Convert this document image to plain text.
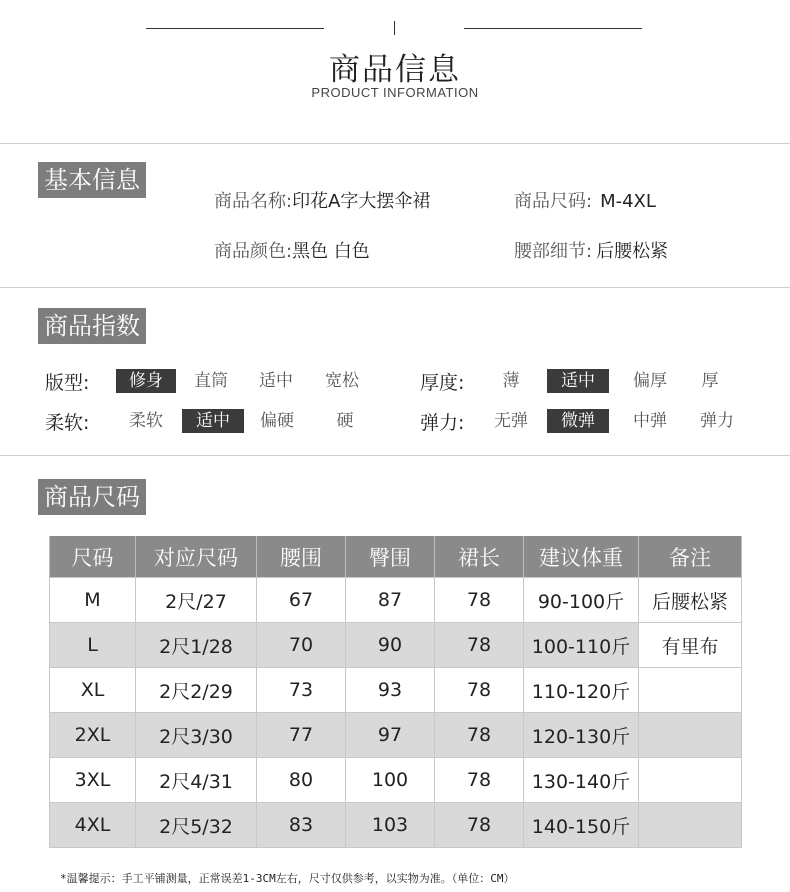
商品信息
PRODUCT INFORMATION
基本信息
商品名称:印花A字大摆伞裙	商品尺码: M-4XL
商品颜色:黑色 白色	腰部细节: 后腰松紧
商品指数
版型:	修身	直筒	适中	宽松	厚度:	薄	适中	偏厚	厚
柔软:	柔软	适中	偏硬	硬	弹力:	无弹	微弹	中弹	弹力
商品尺码
尺码	对应尺码	腰围	臀围	裙长	建议体重	备注
M	2尺/27	67	87	78	90-100斤	后腰松紧
L	2尺1/28	70	90	78	100-110斤	有里布
XL	2尺2/29	73	93	78	110-120斤	
2XL	2尺3/30	77	97	78	120-130斤	
3XL	2尺4/31	80	100	78	130-140斤	
4XL	2尺5/32	83	103	78	140-150斤	
*温馨提示：手工平铺测量，正常误差1-3CM左右，尺寸仅供参考，以实物为准。（单位：CM）
